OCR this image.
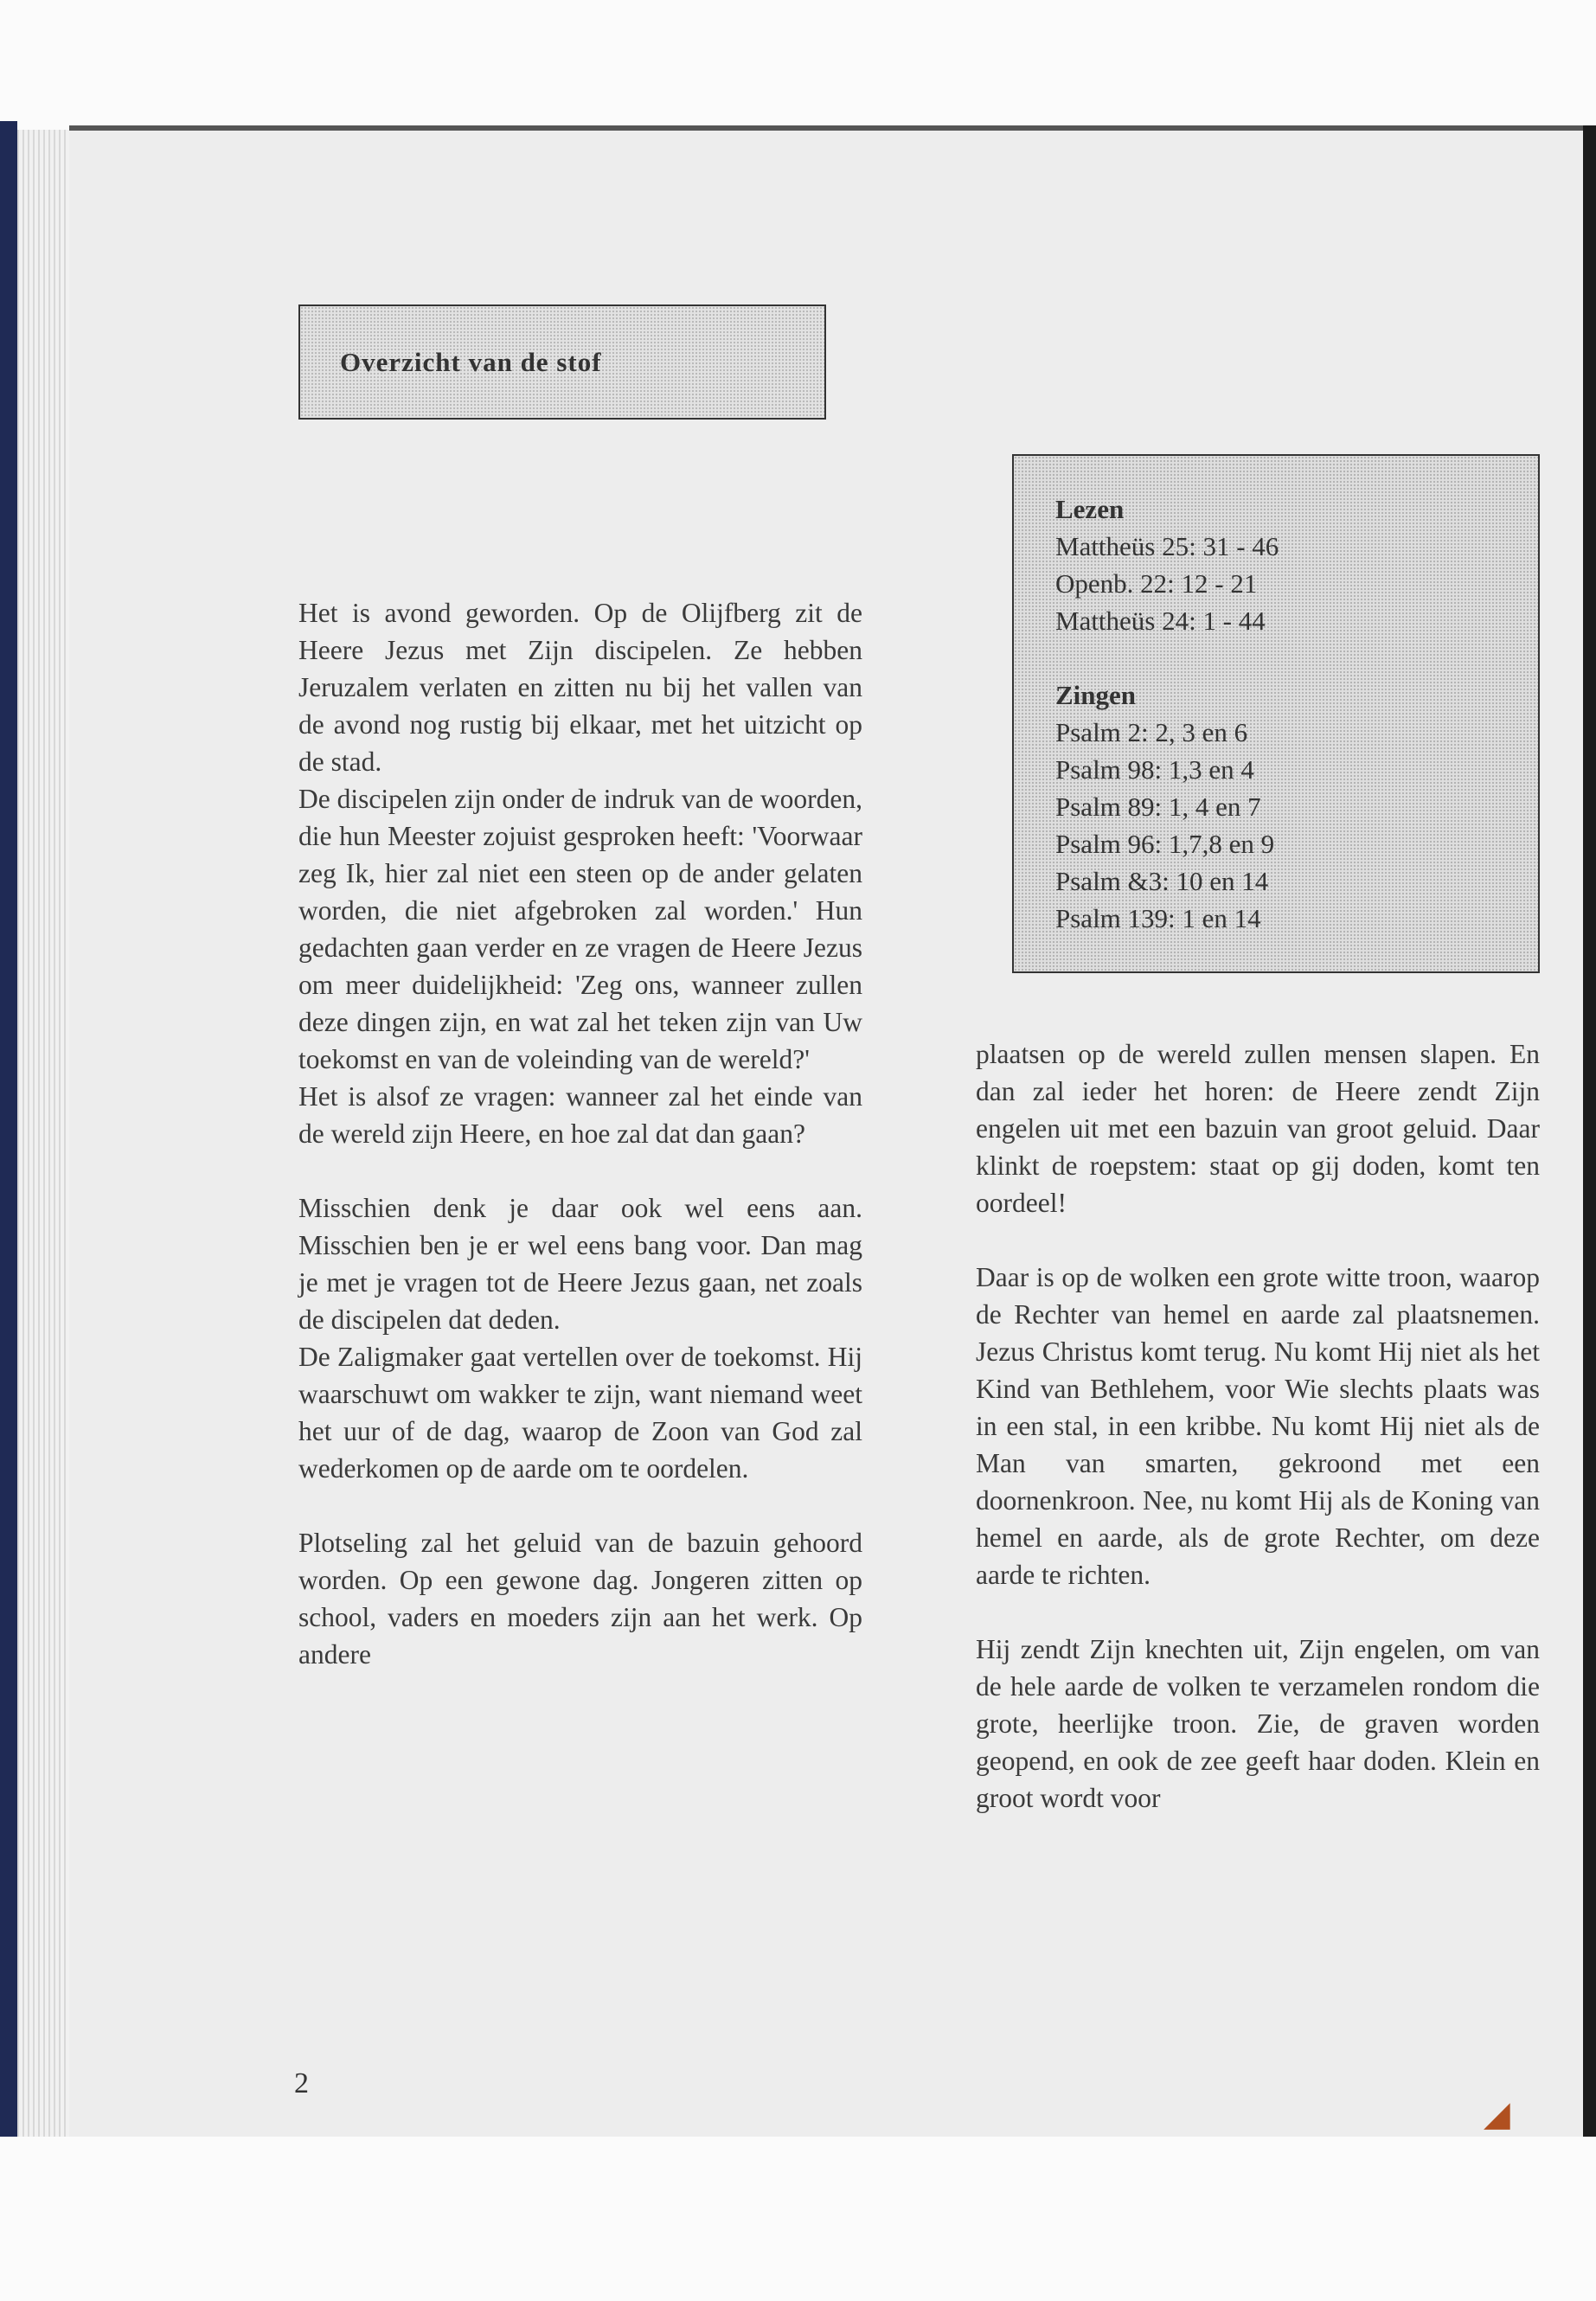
◢
Overzicht van de stof
Lezen
Mattheüs 25: 31 - 46
Openb. 22: 12 - 21
Mattheüs 24: 1 - 44
Zingen
Psalm 2: 2, 3 en 6
Psalm 98: 1,3 en 4
Psalm 89: 1, 4 en 7
Psalm 96: 1,7,8 en 9
Psalm &3: 10 en 14
Psalm 139: 1 en 14

Het is avond geworden. Op de Olijfberg zit de Heere Jezus met Zijn discipelen. Ze hebben Jeruzalem verlaten en zitten nu bij het vallen van de avond nog rustig bij elkaar, met het uitzicht op de stad.

De discipelen zijn onder de indruk van de woorden, die hun Meester zojuist gesproken heeft: 'Voorwaar zeg Ik, hier zal niet een steen op de ander gelaten worden, die niet afgebroken zal worden.' Hun gedachten gaan verder en ze vragen de Heere Jezus om meer duidelijkheid: 'Zeg ons, wanneer zullen deze dingen zijn, en wat zal het teken zijn van Uw toekomst en van de voleinding van de wereld?'

Het is alsof ze vragen: wanneer zal het einde van de wereld zijn Heere, en hoe zal dat dan gaan?

Misschien denk je daar ook wel eens aan. Misschien ben je er wel eens bang voor. Dan mag je met je vragen tot de Heere Jezus gaan, net zoals de discipelen dat deden.

De Zaligmaker gaat vertellen over de toekomst. Hij waarschuwt om wakker te zijn, want niemand weet het uur of de dag, waarop de Zoon van God zal wederkomen op de aarde om te oordelen.

Plotseling zal het geluid van de bazuin gehoord worden. Op een gewone dag. Jongeren zitten op school, vaders en moeders zijn aan het werk. Op andere

plaatsen op de wereld zullen mensen slapen. En dan zal ieder het horen: de Heere zendt Zijn engelen uit met een bazuin van groot geluid. Daar klinkt de roepstem: staat op gij doden, komt ten oordeel!

Daar is op de wolken een grote witte troon, waarop de Rechter van hemel en aarde zal plaatsnemen. Jezus Christus komt terug. Nu komt Hij niet als het Kind van Bethlehem, voor Wie slechts plaats was in een stal, in een kribbe. Nu komt Hij niet als de Man van smarten, gekroond met een doornenkroon. Nee, nu komt Hij als de Koning van hemel en aarde, als de grote Rechter, om deze aarde te richten.

Hij zendt Zijn knechten uit, Zijn engelen, om van de hele aarde de volken te verzamelen rondom die grote, heerlijke troon. Zie, de graven worden geopend, en ook de zee geeft haar doden. Klein en groot wordt voor

2
